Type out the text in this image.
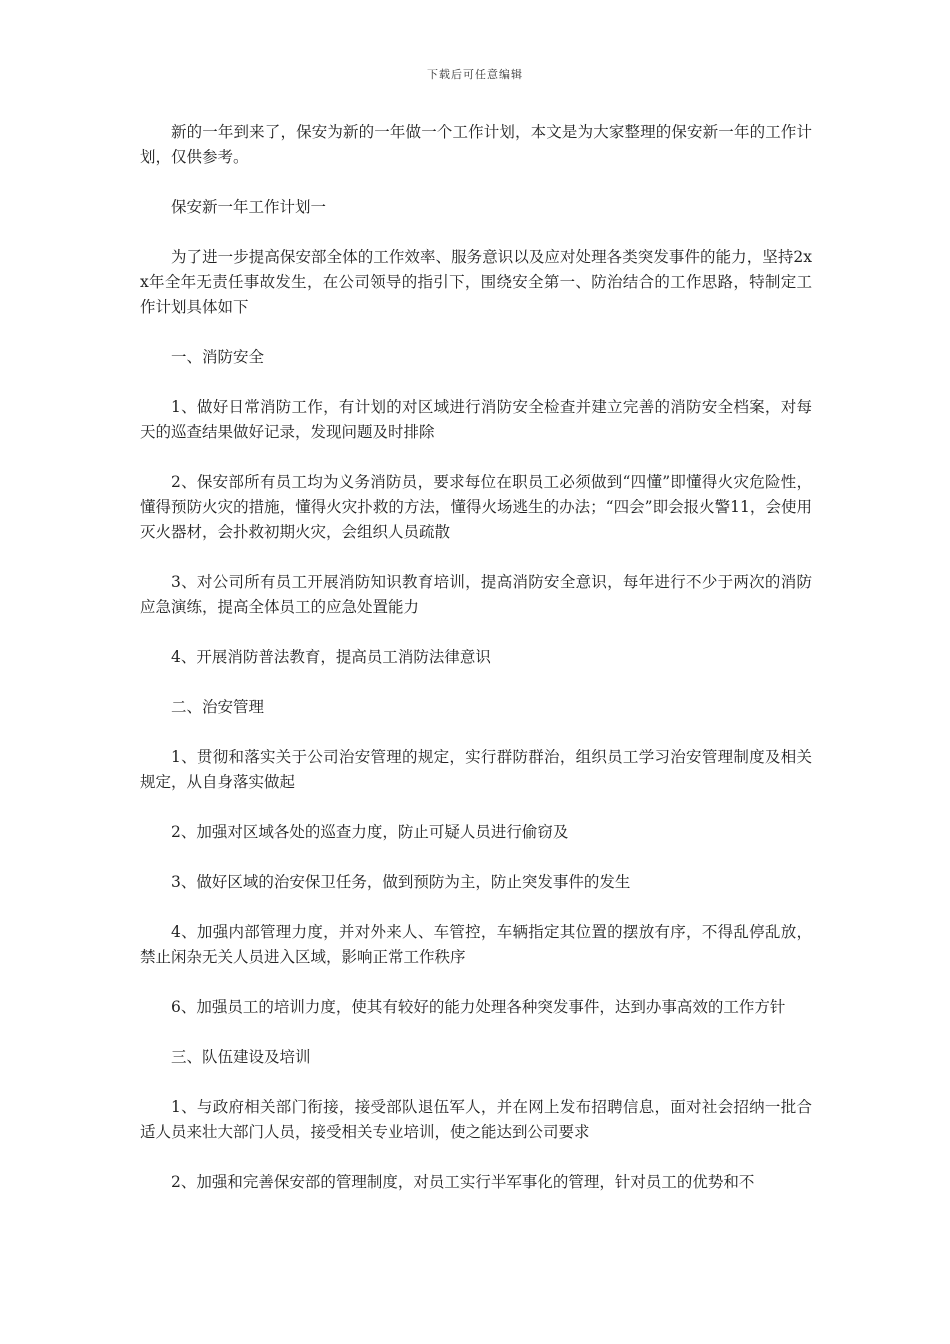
下载后可任意编辑

新的一年到来了，保安为新的一年做一个工作计划，本文是为大家整理的保安新一年的工作计划，仅供参考。

保安新一年工作计划一

为了进一步提高保安部全体的工作效率、服务意识以及应对处理各类突发事件的能力，坚持2xx年全年无责任事故发生，在公司领导的指引下，围绕安全第一、防治结合的工作思路，特制定工作计划具体如下

一、消防安全

1、做好日常消防工作，有计划的对区域进行消防安全检查并建立完善的消防安全档案，对每天的巡查结果做好记录，发现问题及时排除

2、保安部所有员工均为义务消防员，要求每位在职员工必须做到“四懂”即懂得火灾危险性，懂得预防火灾的措施，懂得火灾扑救的方法，懂得火场逃生的办法；“四会”即会报火警11，会使用灭火器材，会扑救初期火灾，会组织人员疏散

3、对公司所有员工开展消防知识教育培训，提高消防安全意识，每年进行不少于两次的消防应急演练，提高全体员工的应急处置能力

4、开展消防普法教育，提高员工消防法律意识

二、治安管理

1、贯彻和落实关于公司治安管理的规定，实行群防群治，组织员工学习治安管理制度及相关规定，从自身落实做起

2、加强对区域各处的巡查力度，防止可疑人员进行偷窃及

3、做好区域的治安保卫任务，做到预防为主，防止突发事件的发生

4、加强内部管理力度，并对外来人、车管控，车辆指定其位置的摆放有序，不得乱停乱放，禁止闲杂无关人员进入区域，影响正常工作秩序

6、加强员工的培训力度，使其有较好的能力处理各种突发事件，达到办事高效的工作方针

三、队伍建设及培训

1、与政府相关部门衔接，接受部队退伍军人，并在网上发布招聘信息，面对社会招纳一批合适人员来壮大部门人员，接受相关专业培训，使之能达到公司要求

2、加强和完善保安部的管理制度，对员工实行半军事化的管理，针对员工的优势和不
